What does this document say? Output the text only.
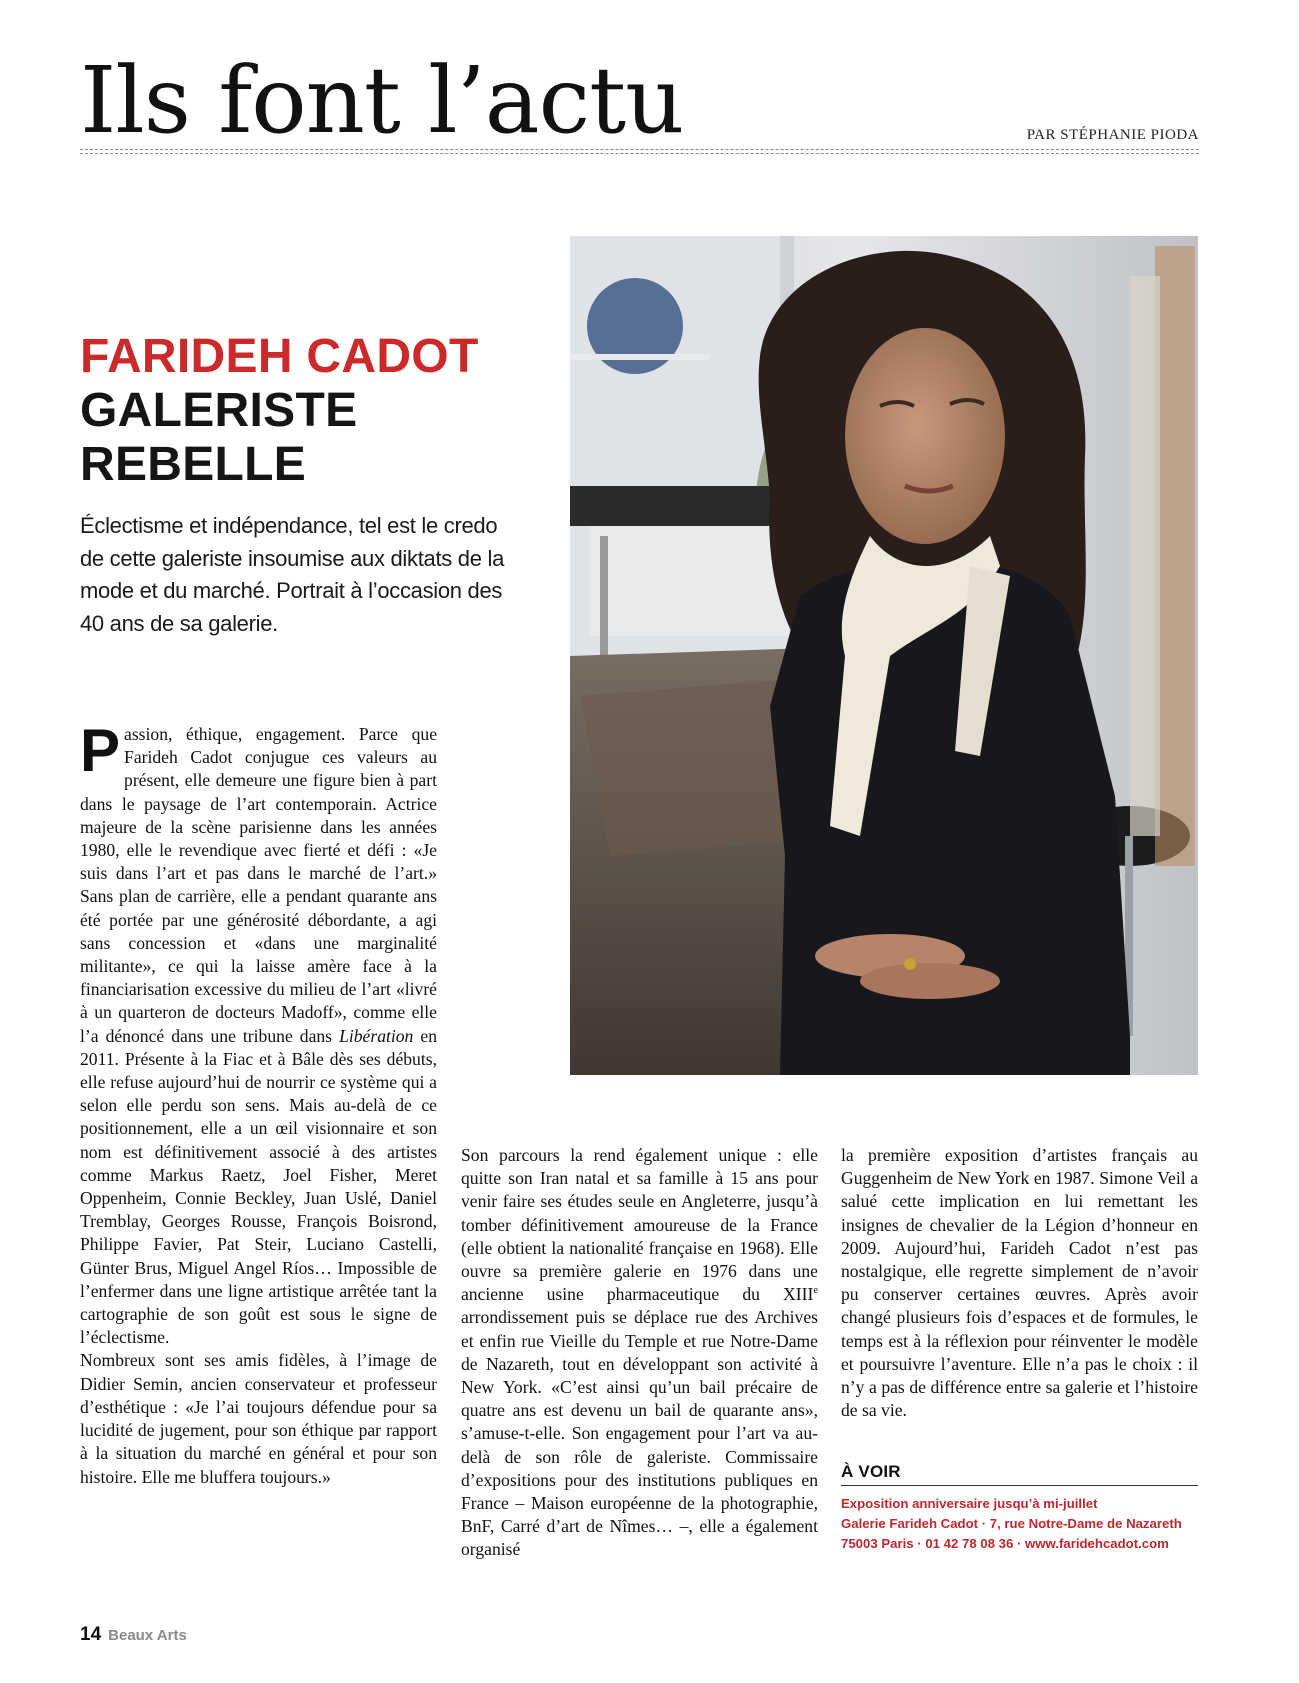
Ils font l’actu	PAR STÉPHANIE PIODA
FARIDEH CADOT
GALERISTE
REBELLE
Éclectisme et indépendance, tel est le credo de cette galeriste insoumise aux diktats de la mode et du marché. Portrait à l’occasion des 40 ans de sa galerie.

Passion, éthique, engagement. Parce que Farideh Cadot conjugue ces valeurs au présent, elle demeure une figure bien à part dans le paysage de l’art contemporain. Actrice majeure de la scène parisienne dans les années 1980, elle le revendique avec fierté et défi : «Je suis dans l’art et pas dans le marché de l’art.» Sans plan de carrière, elle a pendant quarante ans été portée par une générosité débordante, a agi sans concession et «dans une marginalité militante», ce qui la laisse amère face à la financiarisation excessive du milieu de l’art «livré à un quarteron de docteurs Madoff», comme elle l’a dénoncé dans une tribune dans Libération en 2011. Présente à la Fiac et à Bâle dès ses débuts, elle refuse aujourd’hui de nourrir ce système qui a selon elle perdu son sens. Mais au-delà de ce positionnement, elle a un œil visionnaire et son nom est définitivement associé à des artistes comme Markus Raetz, Joel Fisher, Meret Oppenheim, Connie Beckley, Juan Uslé, Daniel Tremblay, Georges Rousse, François Boisrond, Philippe Favier, Pat Steir, Luciano Castelli, Günter Brus, Miguel Angel Ríos… Impossible de l’enfermer dans une ligne artistique arrêtée tant la cartographie de son goût est sous le signe de l’éclectisme.

Nombreux sont ses amis fidèles, à l’image de Didier Semin, ancien conservateur et professeur d’esthétique : «Je l’ai toujours défendue pour sa lucidité de jugement, pour son éthique par rapport à la situation du marché en général et pour son histoire. Elle me bluffera toujours.»

Son parcours la rend également unique : elle quitte son Iran natal et sa famille à 15 ans pour venir faire ses études seule en Angleterre, jusqu’à tomber définitivement amoureuse de la France (elle obtient la nationalité française en 1968). Elle ouvre sa première galerie en 1976 dans une ancienne usine pharmaceutique du XIIIe arrondissement puis se déplace rue des Archives et enfin rue Vieille du Temple et rue Notre-Dame de Nazareth, tout en développant son activité à New York. «C’est ainsi qu’un bail précaire de quatre ans est devenu un bail de quarante ans», s’amuse-t-elle. Son engagement pour l’art va au-delà de son rôle de galeriste. Commissaire d’expositions pour des institutions publiques en France – Maison européenne de la photographie, BnF, Carré d’art de Nîmes… –, elle a également organisé

la première exposition d’artistes français au Guggenheim de New York en 1987. Simone Veil a salué cette implication en lui remettant les insignes de chevalier de la Légion d’honneur en 2009. Aujourd’hui, Farideh Cadot n’est pas nostalgique, elle regrette simplement de n’avoir pu conserver certaines œuvres. Après avoir changé plusieurs fois d’espaces et de formules, le temps est à la réflexion pour réinventer le modèle et poursuivre l’aventure. Elle n’a pas le choix : il n’y a pas de différence entre sa galerie et l’histoire de sa vie.

À VOIR
Exposition anniversaire jusqu’à mi-juillet
Galerie Farideh Cadot · 7, rue Notre-Dame de Nazareth
75003 Paris · 01 42 78 08 36 · www.faridehcadot.com
14 Beaux Arts
